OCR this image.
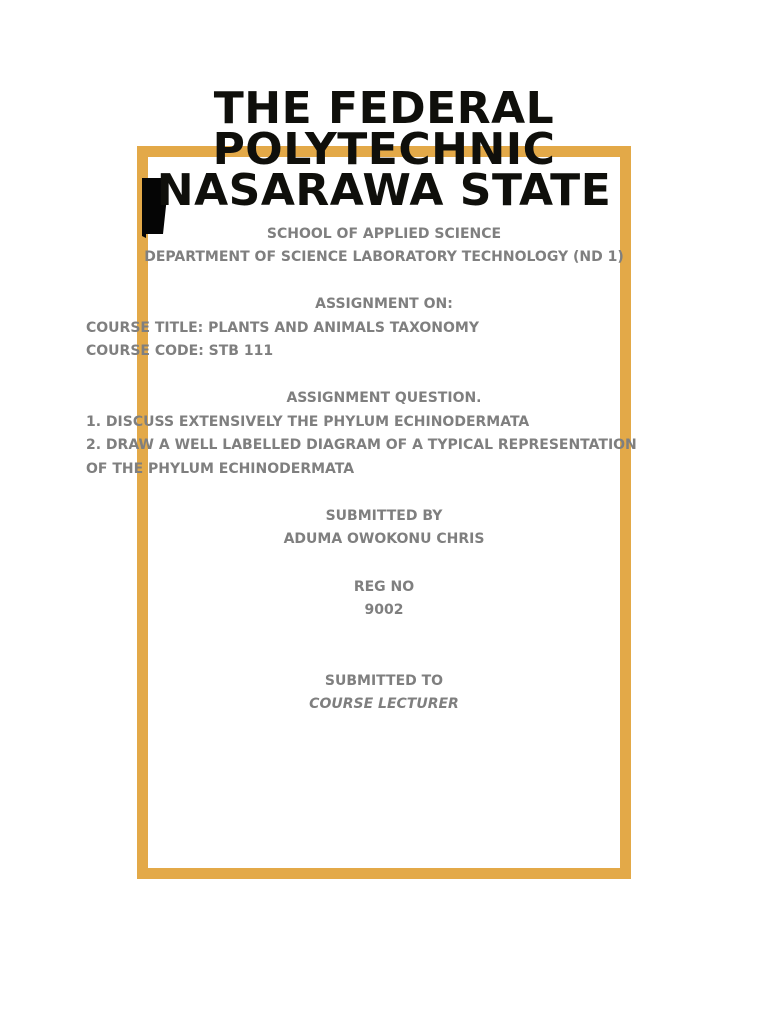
THE FEDERAL
POLYTECHNIC
NASARAWA STATE

SCHOOL OF APPLIED SCIENCE

DEPARTMENT OF SCIENCE LABORATORY TECHNOLOGY (ND 1)

ASSIGNMENT ON:

COURSE TITLE: PLANTS AND ANIMALS TAXONOMY

COURSE CODE: STB 111

ASSIGNMENT QUESTION.

1. DISCUSS EXTENSIVELY THE PHYLUM ECHINODERMATA

2. DRAW A WELL LABELLED DIAGRAM OF A TYPICAL REPRESENTATION

OF THE PHYLUM ECHINODERMATA

SUBMITTED BY

ADUMA OWOKONU CHRIS

REG NO

9002

SUBMITTED TO

COURSE LECTURER
